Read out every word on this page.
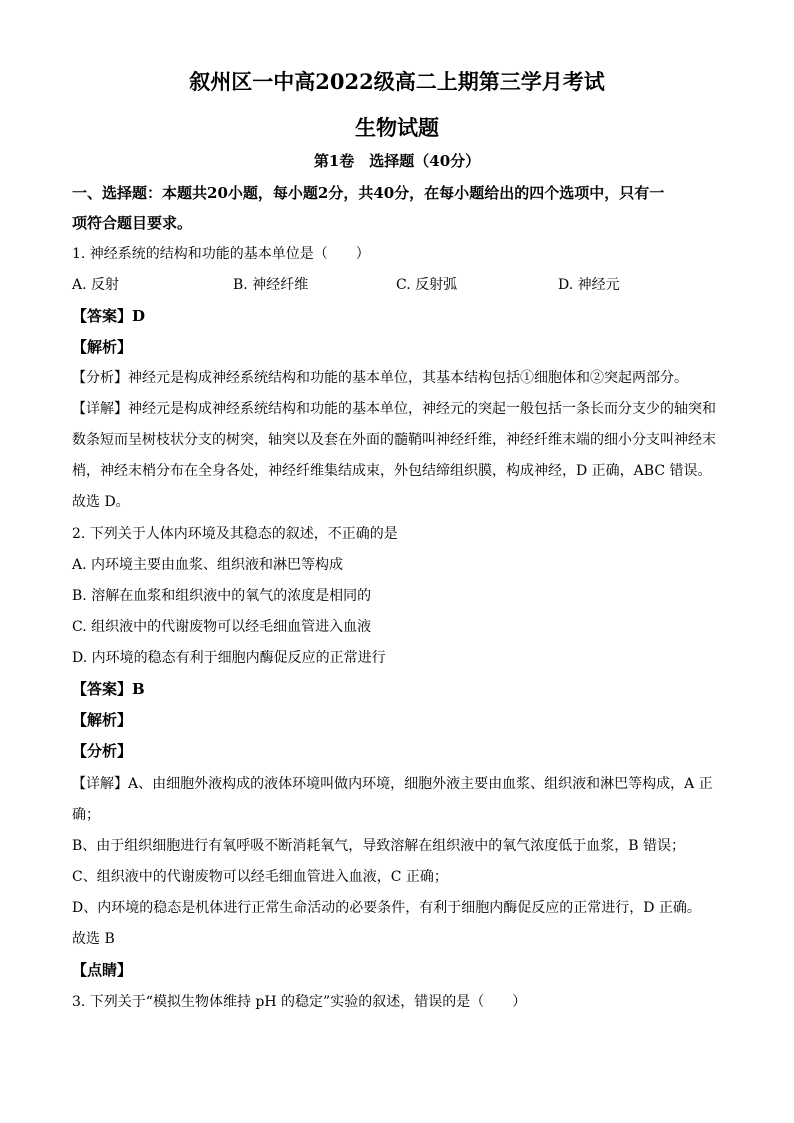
叙州区一中高2022级高二上期第三学月考试
生物试题
第1卷　选择题（40分）
一、选择题：本题共20小题，每小题2分，共40分，在每小题给出的四个选项中，只有一
项符合题目要求。
1. 神经系统的结构和功能的基本单位是（　　）
A. 反射	B. 神经纤维	C. 反射弧	D. 神经元
【答案】D
【解析】
【分析】神经元是构成神经系统结构和功能的基本单位，其基本结构包括①细胞体和②突起两部分。
【详解】神经元是构成神经系统结构和功能的基本单位，神经元的突起一般包括一条长而分支少的轴突和
数条短而呈树枝状分支的树突，轴突以及套在外面的髓鞘叫神经纤维，神经纤维末端的细小分支叫神经末
梢，神经末梢分布在全身各处，神经纤维集结成束，外包结缔组织膜，构成神经，D 正确，ABC 错误。
故选 D。
2. 下列关于人体内环境及其稳态的叙述，不正确的是
A. 内环境主要由血浆、组织液和淋巴等构成
B. 溶解在血浆和组织液中的氧气的浓度是相同的
C. 组织液中的代谢废物可以经毛细血管进入血液
D. 内环境的稳态有利于细胞内酶促反应的正常进行
【答案】B
【解析】
【分析】
【详解】A、由细胞外液构成的液体环境叫做内环境，细胞外液主要由血浆、组织液和淋巴等构成，A 正
确；
B、由于组织细胞进行有氧呼吸不断消耗氧气，导致溶解在组织液中的氧气浓度低于血浆，B 错误；
C、组织液中的代谢废物可以经毛细血管进入血液，C 正确；
D、内环境的稳态是机体进行正常生命活动的必要条件，有利于细胞内酶促反应的正常进行，D 正确。
故选 B
【点睛】
3. 下列关于“模拟生物体维持 pH 的稳定”实验的叙述，错误的是（　　）
